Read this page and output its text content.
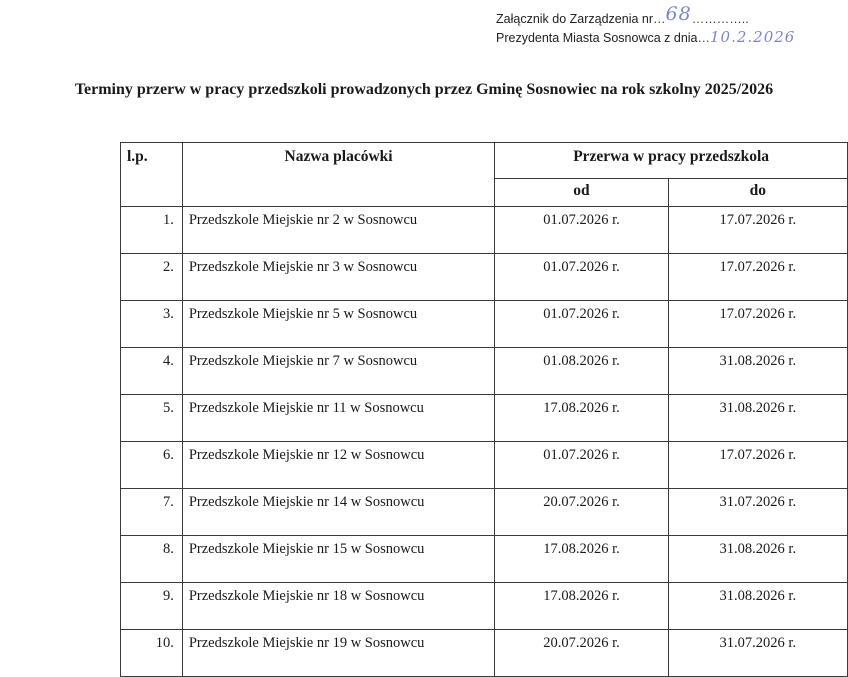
Załącznik do Zarządzenia nr…68…………..
Prezydenta Miasta Sosnowca z dnia…10.2.2026
Terminy przerw w pracy przedszkoli prowadzonych przez Gminę Sosnowiec na rok szkolny 2025/2026
l.p.	Nazwa placówki	Przerwa w pracy przedszkola	
		od	do
1.	Przedszkole Miejskie nr 2 w Sosnowcu	01.07.2026 r.	17.07.2026 r.
2.	Przedszkole Miejskie nr 3 w Sosnowcu	01.07.2026 r.	17.07.2026 r.
3.	Przedszkole Miejskie nr 5 w Sosnowcu	01.07.2026 r.	17.07.2026 r.
4.	Przedszkole Miejskie nr 7 w Sosnowcu	01.08.2026 r.	31.08.2026 r.
5.	Przedszkole Miejskie nr 11 w Sosnowcu	17.08.2026 r.	31.08.2026 r.
6.	Przedszkole Miejskie nr 12 w Sosnowcu	01.07.2026 r.	17.07.2026 r.
7.	Przedszkole Miejskie nr 14 w Sosnowcu	20.07.2026 r.	31.07.2026 r.
8.	Przedszkole Miejskie nr 15 w Sosnowcu	17.08.2026 r.	31.08.2026 r.
9.	Przedszkole Miejskie nr 18 w Sosnowcu	17.08.2026 r.	31.08.2026 r.
10.	Przedszkole Miejskie nr 19 w Sosnowcu	20.07.2026 r.	31.07.2026 r.
